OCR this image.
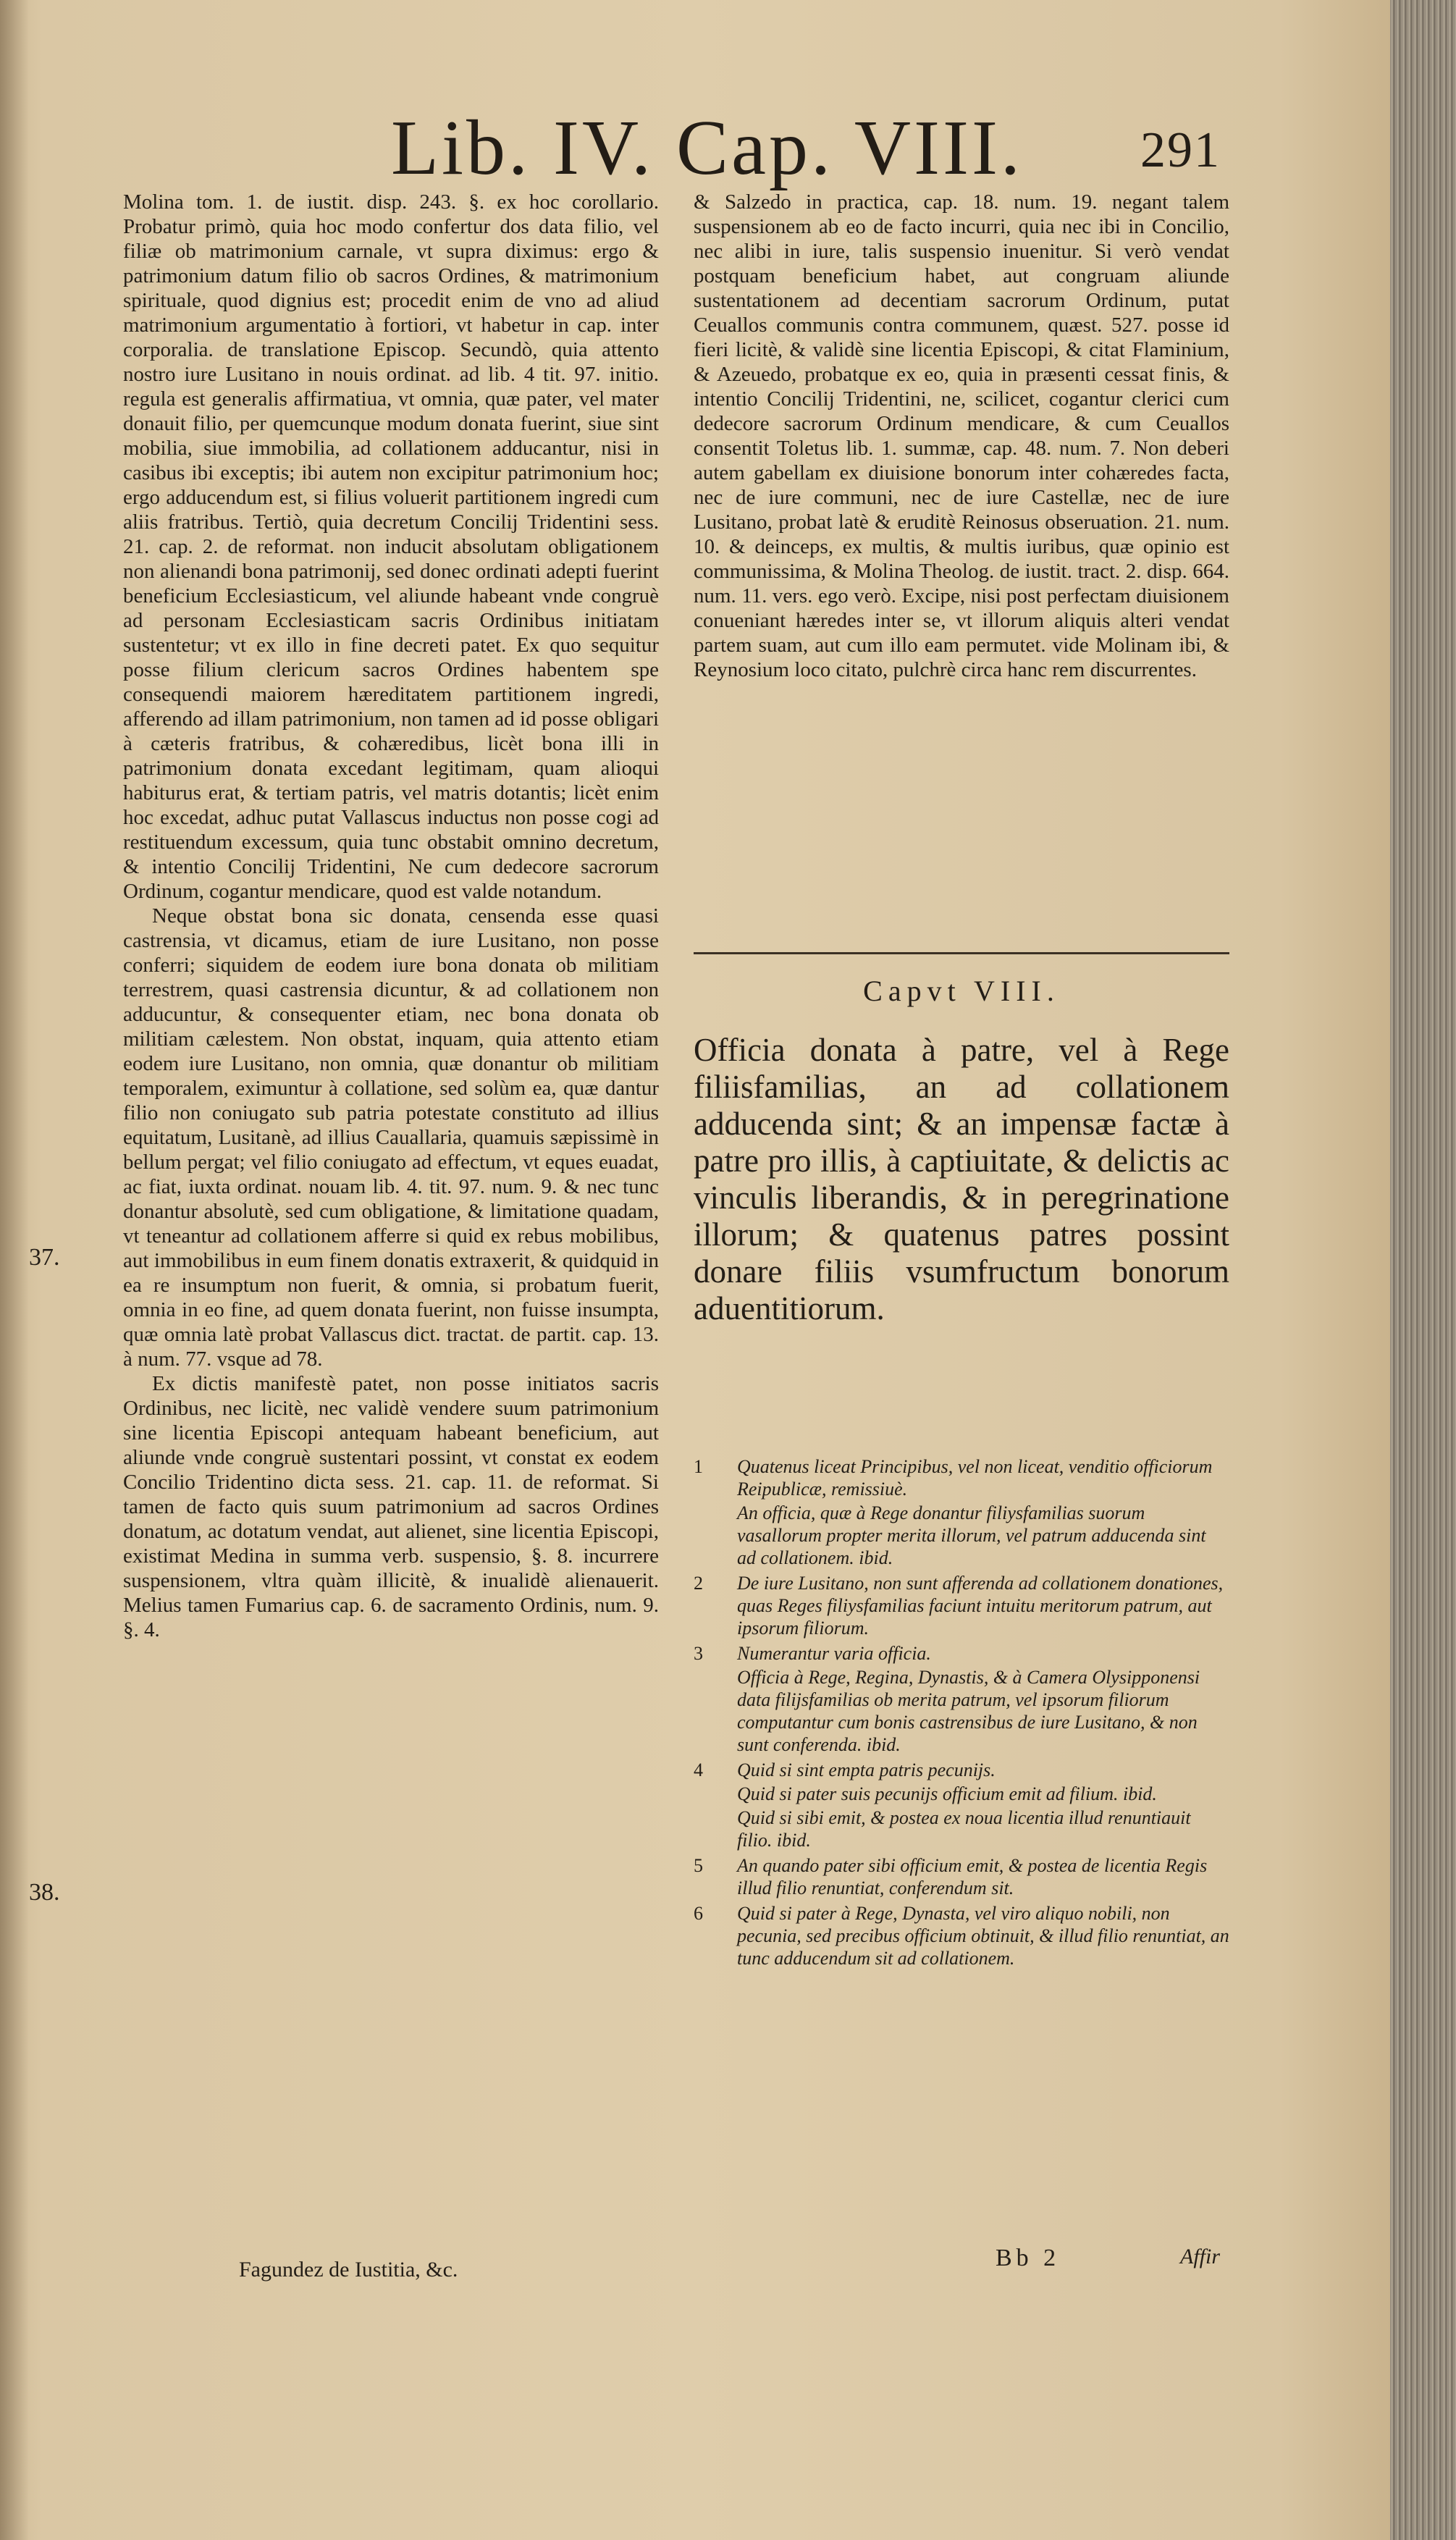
Lib. IV. Cap. VIII. 291

Molina tom. 1. de iustit. disp. 243. §. ex hoc corollario. Probatur primò, quia hoc modo confertur dos data filio, vel filiæ ob matrimonium carnale, vt supra diximus: ergo & patrimonium datum filio ob sacros Ordines, & matrimonium spirituale, quod dignius est; procedit enim de vno ad aliud matrimonium argumentatio à fortiori, vt habetur in cap. inter corporalia. de translatione Episcop. Secundò, quia attento nostro iure Lusitano in nouis ordinat. ad lib. 4 tit. 97. initio. regula est generalis affirmatiua, vt omnia, quæ pater, vel mater donauit filio, per quemcunque modum donata fuerint, siue sint mobilia, siue immobilia, ad collationem adducantur, nisi in casibus ibi exceptis; ibi autem non excipitur patrimonium hoc; ergo adducendum est, si filius voluerit partitionem ingredi cum aliis fratribus. Tertiò, quia decretum Concilij Tridentini sess. 21. cap. 2. de reformat. non inducit absolutam obligationem non alienandi bona patrimonij, sed donec ordinati adepti fuerint beneficium Ecclesiasticum, vel aliunde habeant vnde congruè ad personam Ecclesiasticam sacris Ordinibus initiatam sustentetur; vt ex illo in fine decreti patet. Ex quo sequitur posse filium clericum sacros Ordines habentem spe consequendi maiorem hæreditatem partitionem ingredi, afferendo ad illam patrimonium, non tamen ad id posse obligari à cæteris fratribus, & cohæredibus, licèt bona illi in patrimonium donata excedant legitimam, quam alioqui habiturus erat, & tertiam patris, vel matris dotantis; licèt enim hoc excedat, adhuc putat Vallascus inductus non posse cogi ad restituendum excessum, quia tunc obstabit omnino decretum, & intentio Concilij Tridentini, Ne cum dedecore sacrorum Ordinum, cogantur mendicare, quod est valde notandum.

Neque obstat bona sic donata, censenda esse quasi castrensia, vt dicamus, etiam de iure Lusitano, non posse conferri; siquidem de eodem iure bona donata ob militiam terrestrem, quasi castrensia dicuntur, & ad collationem non adducuntur, & consequenter etiam, nec bona donata ob militiam cælestem. Non obstat, inquam, quia attento etiam eodem iure Lusitano, non omnia, quæ donantur ob militiam temporalem, eximuntur à collatione, sed solùm ea, quæ dantur filio non coniugato sub patria potestate constituto ad illius equitatum, Lusitanè, ad illius Cauallaria, quamuis sæpissimè in bellum pergat; vel filio coniugato ad effectum, vt eques euadat, ac fiat, iuxta ordinat. nouam lib. 4. tit. 97. num. 9. & nec tunc donantur absolutè, sed cum obligatione, & limitatione quadam, vt teneantur ad collationem afferre si quid ex rebus mobilibus, aut immobilibus in eum finem donatis extraxerit, & quidquid in ea re insumptum non fuerit, & omnia, si probatum fuerit, omnia in eo fine, ad quem donata fuerint, non fuisse insumpta, quæ omnia latè probat Vallascus dict. tractat. de partit. cap. 13. à num. 77. vsque ad 78.

Ex dictis manifestè patet, non posse initiatos sacris Ordinibus, nec licitè, nec validè vendere suum patrimonium sine licentia Episcopi antequam habeant beneficium, aut aliunde vnde congruè sustentari possint, vt constat ex eodem Concilio Tridentino dicta sess. 21. cap. 11. de reformat. Si tamen de facto quis suum patrimonium ad sacros Ordines donatum, ac dotatum vendat, aut alienet, sine licentia Episcopi, existimat Medina in summa verb. suspensio, §. 8. incurrere suspensionem, vltra quàm illicitè, & inualidè alienauerit. Melius tamen Fumarius cap. 6. de sacramento Ordinis, num. 9. §. 4.

37.
38.

& Salzedo in practica, cap. 18. num. 19. negant talem suspensionem ab eo de facto incurri, quia nec ibi in Concilio, nec alibi in iure, talis suspensio inuenitur. Si verò vendat postquam beneficium habet, aut congruam aliunde sustentationem ad decentiam sacrorum Ordinum, putat Ceuallos communis contra communem, quæst. 527. posse id fieri licitè, & validè sine licentia Episcopi, & citat Flaminium, & Azeuedo, probatque ex eo, quia in præsenti cessat finis, & intentio Concilij Tridentini, ne, scilicet, cogantur clerici cum dedecore sacrorum Ordinum mendicare, & cum Ceuallos consentit Toletus lib. 1. summæ, cap. 48. num. 7. Non deberi autem gabellam ex diuisione bonorum inter cohæredes facta, nec de iure communi, nec de iure Castellæ, nec de iure Lusitano, probat latè & eruditè Reinosus obseruation. 21. num. 10. & deinceps, ex multis, & multis iuribus, quæ opinio est communissima, & Molina Theolog. de iustit. tract. 2. disp. 664. num. 11. vers. ego verò. Excipe, nisi post perfectam diuisionem conueniant hæredes inter se, vt illorum aliquis alteri vendat partem suam, aut cum illo eam permutet. vide Molinam ibi, & Reynosium loco citato, pulchrè circa hanc rem discurrentes.

Capvt VIII.
Officia donata à patre, vel à Rege filiisfamilias, an ad collationem adducenda sint; & an impensæ factæ à patre pro illis, à captiuitate, & delictis ac vinculis liberandis, & in peregrinatione illorum; & quatenus patres possint donare filiis vsumfructum bonorum aduentitiorum.
1 Quatenus liceat Principibus, vel non liceat, venditio officiorum Reipublicæ, remissiuè.
An officia, quæ à Rege donantur filiysfamilias suorum vasallorum propter merita illorum, vel patrum adducenda sint ad collationem. ibid.
2 De iure Lusitano, non sunt afferenda ad collationem donationes, quas Reges filiysfamilias faciunt intuitu meritorum patrum, aut ipsorum filiorum.
3 Numerantur varia officia.
Officia à Rege, Regina, Dynastis, & à Camera Olysipponensi data filijsfamilias ob merita patrum, vel ipsorum filiorum computantur cum bonis castrensibus de iure Lusitano, & non sunt conferenda. ibid.
4 Quid si sint empta patris pecunijs.
Quid si pater suis pecunijs officium emit ad filium. ibid.
Quid si sibi emit, & postea ex noua licentia illud renuntiauit filio. ibid.
5 An quando pater sibi officium emit, & postea de licentia Regis illud filio renuntiat, conferendum sit.
6 Quid si pater à Rege, Dynasta, vel viro aliquo nobili, non pecunia, sed precibus officium obtinuit, & illud filio renuntiat, an tunc adducendum sit ad collationem.
Fagundez de Iustitia, &c.	Bb 2	Affir
